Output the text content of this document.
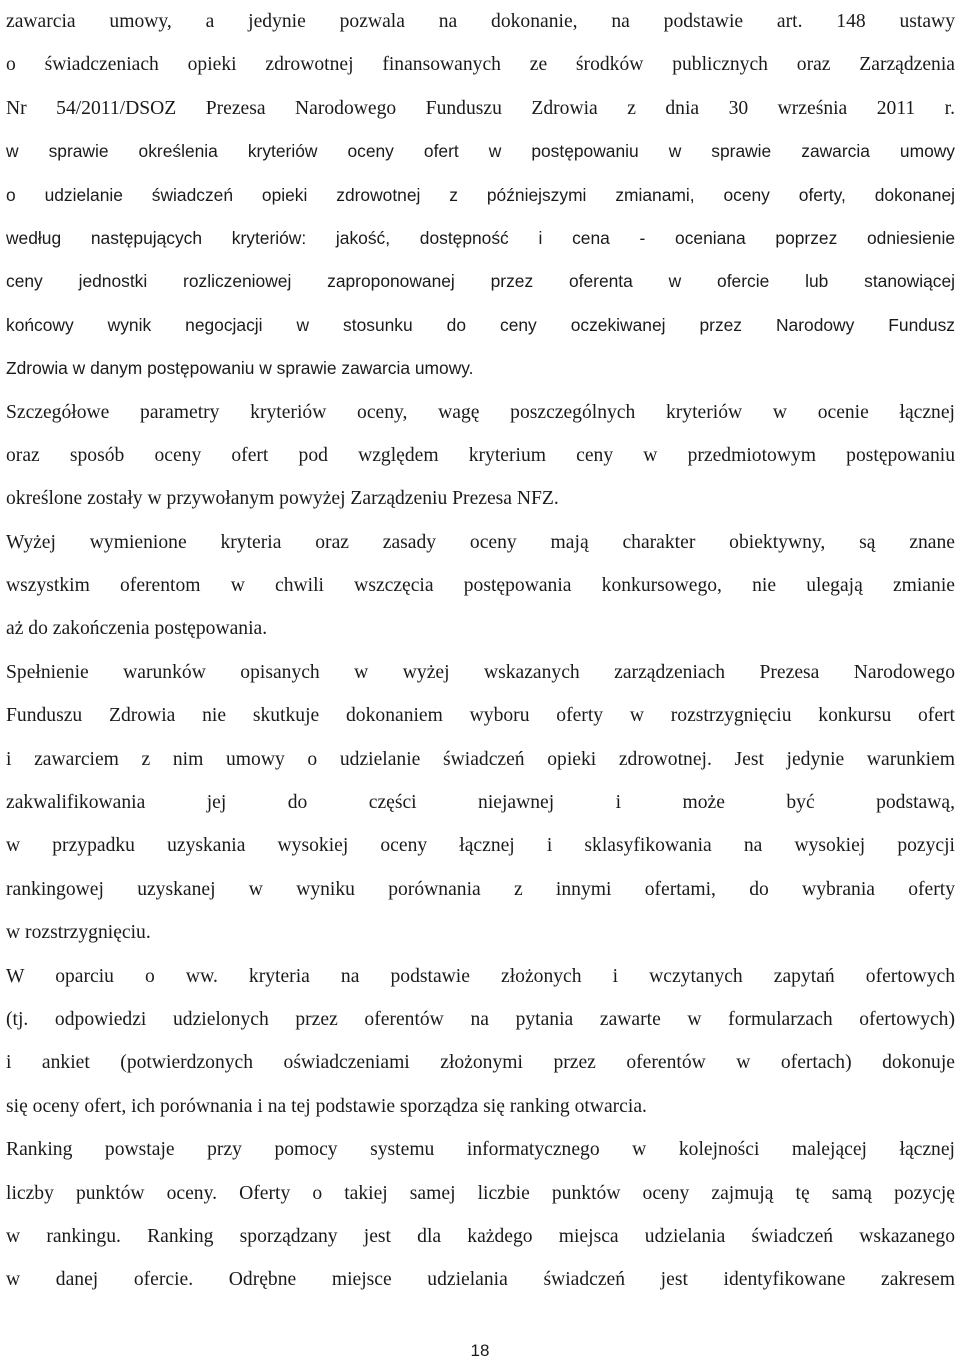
zawarcia umowy, a jedynie pozwala na dokonanie, na podstawie art. 148 ustawy
o świadczeniach opieki zdrowotnej finansowanych ze środków publicznych oraz Zarządzenia
Nr 54/2011/DSOZ Prezesa Narodowego Funduszu Zdrowia z dnia 30 września 2011 r.
w sprawie określenia kryteriów oceny ofert w postępowaniu w sprawie zawarcia umowy
o udzielanie świadczeń opieki zdrowotnej z późniejszymi zmianami, oceny oferty, dokonanej
według następujących kryteriów: jakość, dostępność i cena - oceniana poprzez odniesienie
ceny jednostki rozliczeniowej zaproponowanej przez oferenta w ofercie lub stanowiącej
końcowy wynik negocjacji w stosunku do ceny oczekiwanej przez Narodowy Fundusz
Zdrowia w danym postępowaniu w sprawie zawarcia umowy.
Szczegółowe parametry kryteriów oceny, wagę poszczególnych kryteriów w ocenie łącznej
oraz sposób oceny ofert pod względem kryterium ceny w przedmiotowym postępowaniu
określone zostały w przywołanym powyżej Zarządzeniu Prezesa NFZ.
Wyżej wymienione kryteria oraz zasady oceny mają charakter obiektywny, są znane
wszystkim oferentom w chwili wszczęcia postępowania konkursowego, nie ulegają zmianie
aż do zakończenia postępowania.
Spełnienie warunków opisanych w wyżej wskazanych zarządzeniach Prezesa Narodowego
Funduszu Zdrowia nie skutkuje dokonaniem wyboru oferty w rozstrzygnięciu konkursu ofert
i zawarciem z nim umowy o udzielanie świadczeń opieki zdrowotnej. Jest jedynie warunkiem
zakwalifikowania jej do części niejawnej i może być podstawą,
w przypadku uzyskania wysokiej oceny łącznej i sklasyfikowania na wysokiej pozycji
rankingowej uzyskanej w wyniku porównania z innymi ofertami, do wybrania oferty
w rozstrzygnięciu.
W oparciu o ww. kryteria na podstawie złożonych i wczytanych zapytań ofertowych
(tj. odpowiedzi udzielonych przez oferentów na pytania zawarte w formularzach ofertowych)
i ankiet (potwierdzonych oświadczeniami złożonymi przez oferentów w ofertach) dokonuje
się oceny ofert, ich porównania i na tej podstawie sporządza się ranking otwarcia.
Ranking powstaje przy pomocy systemu informatycznego w kolejności malejącej łącznej
liczby punktów oceny. Oferty o takiej samej liczbie punktów oceny zajmują tę samą pozycję
w rankingu. Ranking sporządzany jest dla każdego miejsca udzielania świadczeń wskazanego
w danej ofercie. Odrębne miejsce udzielania świadczeń jest identyfikowane zakresem
18
